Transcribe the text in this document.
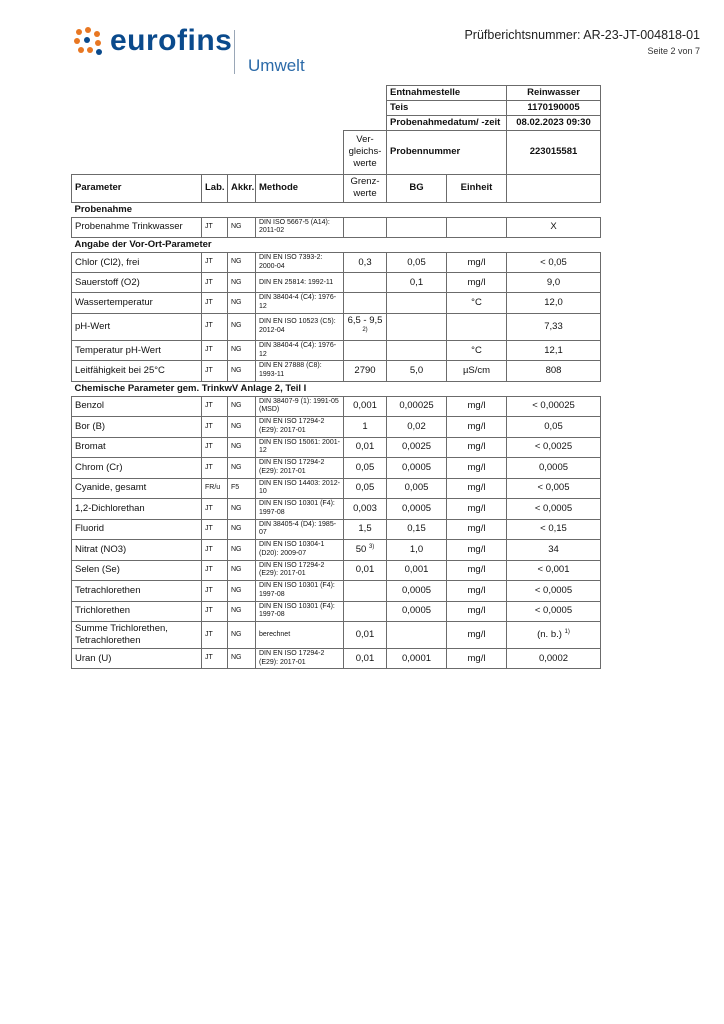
eurofins
Umwelt
Prüfberichtsnummer: AR-23-JT-004818-01
Seite 2 von 7
					Entnahmestelle		Reinwasser
					Teis		1170190005
					Probenahmedatum/ -zeit		08.02.2023 09:30
				Ver-gleichs-werte	Probennummer		223015581
Parameter	Lab.	Akkr.	Methode	Grenz-werte	BG	Einheit	
Probenahme							
Probenahme Trinkwasser	JT	NG	DIN ISO 5667-5 (A14): 2011-02				X
Angabe der Vor-Ort-Parameter							
Chlor (Cl2), frei	JT	NG	DIN EN ISO 7393-2: 2000-04	0,3	0,05	mg/l	< 0,05
Sauerstoff (O2)	JT	NG	DIN EN 25814: 1992-11		0,1	mg/l	9,0
Wassertemperatur	JT	NG	DIN 38404-4 (C4): 1976-12			°C	12,0
pH-Wert	JT	NG	DIN EN ISO 10523 (C5): 2012-04	6,5 - 9,5 $^{2)}$			7,33
Temperatur pH-Wert	JT	NG	DIN 38404-4 (C4): 1976-12			°C	12,1
Leitfähigkeit bei 25°C	JT	NG	DIN EN 27888 (C8): 1993-11	2790	5,0	µS/cm	808
Chemische Parameter gem. TrinkwV Anlage 2, Teil I							
Benzol	JT	NG	DIN 38407-9 (1): 1991-05 (MSD)	0,001	0,00025	mg/l	< 0,00025
Bor (B)	JT	NG	DIN EN ISO 17294-2 (E29): 2017-01	1	0,02	mg/l	0,05
Bromat	JT	NG	DIN EN ISO 15061: 2001-12	0,01	0,0025	mg/l	< 0,0025
Chrom (Cr)	JT	NG	DIN EN ISO 17294-2 (E29): 2017-01	0,05	0,0005	mg/l	0,0005
Cyanide, gesamt	FR/u	F5	DIN EN ISO 14403: 2012-10	0,05	0,005	mg/l	< 0,005
1,2-Dichlorethan	JT	NG	DIN EN ISO 10301 (F4): 1997-08	0,003	0,0005	mg/l	< 0,0005
Fluorid	JT	NG	DIN 38405-4 (D4): 1985-07	1,5	0,15	mg/l	< 0,15
Nitrat (NO3)	JT	NG	DIN EN ISO 10304-1 (D20): 2009-07	50 $^{3)}$	1,0	mg/l	34
Selen (Se)	JT	NG	DIN EN ISO 17294-2 (E29): 2017-01	0,01	0,001	mg/l	< 0,001
Tetrachlorethen	JT	NG	DIN EN ISO 10301 (F4): 1997-08		0,0005	mg/l	< 0,0005
Trichlorethen	JT	NG	DIN EN ISO 10301 (F4): 1997-08		0,0005	mg/l	< 0,0005
Summe Trichlorethen, Tetrachlorethen	JT	NG	berechnet	0,01		mg/l	(n. b.) $^{1)}$
Uran (U)	JT	NG	DIN EN ISO 17294-2 (E29): 2017-01	0,01	0,0001	mg/l	0,0002
